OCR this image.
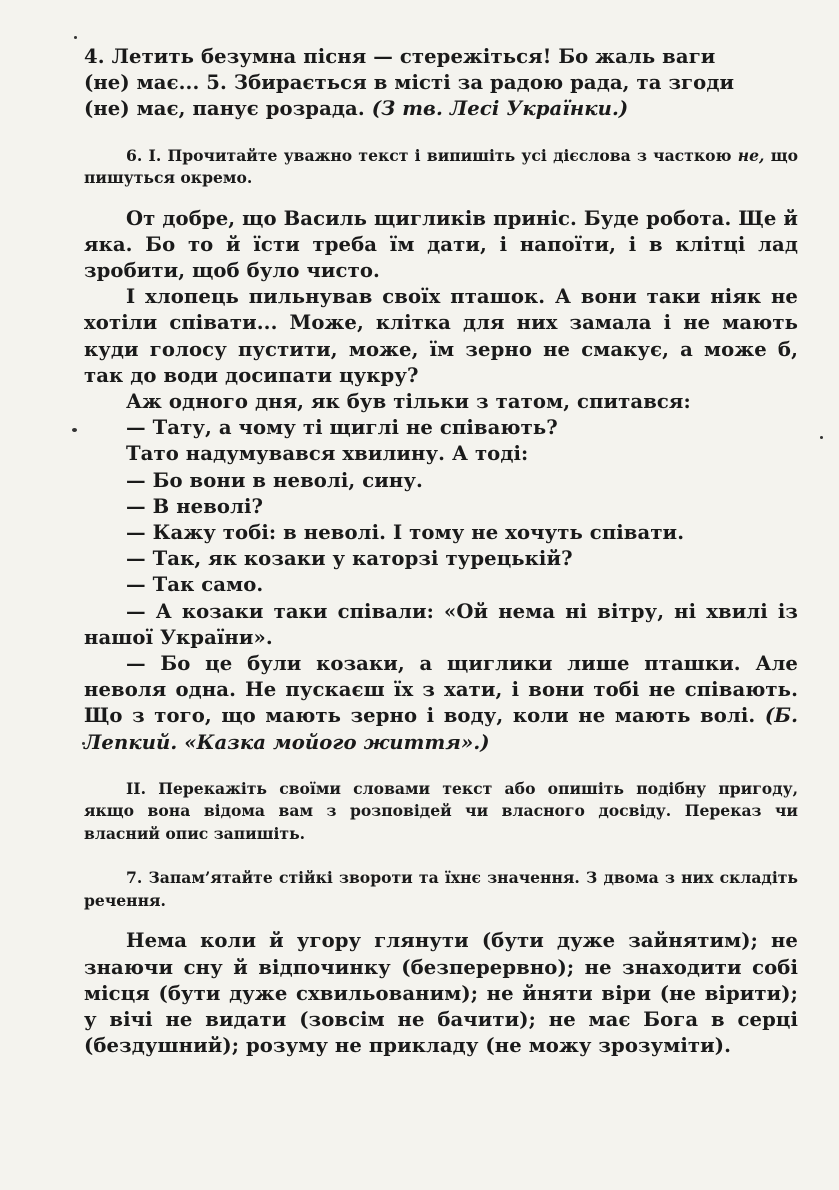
4. Летить безумна пісня — стережіться! Бо жаль ваги
(не) має... 5. Збирається в місті за радою рада, та згоди
(не) має, панує розрада. (З тв. Лесі Українки.)

6. І. Прочитайте уважно текст і випишіть усі дієслова з часткою не, що пишуться окремо.

От добре, що Василь щигликів приніс. Буде робота. Ще й яка. Бо то й їсти треба їм дати, і напоїти, і в клітці лад зробити, щоб було чисто.

І хлопець пильнував своїх пташок. А вони таки ніяк не хотіли співати... Може, клітка для них замала і не мають куди голосу пустити, може, їм зерно не смакує, а може б, так до води досипати цукру?

Аж одного дня, як був тільки з татом, спитався:

— Тату, а чому ті щиглі не співають?

Тато надумувався хвилину. А тоді:

— Бо вони в неволі, сину.

— В неволі?

— Кажу тобі: в неволі. І тому не хочуть співати.

— Так, як козаки у каторзі турецькій?

— Так само.

— А козаки таки співали: «Ой нема ні вітру, ні хвилі із нашої України».

— Бо це були козаки, а щиглики лише пташки. Але неволя одна. Не пускаєш їх з хати, і вони тобі не співають. Що з того, що мають зерно і воду, коли не мають волі. (Б. Лепкий. «Казка мойого життя».)

II. Перекажіть своїми словами текст або опишіть подібну пригоду, якщо вона відома вам з розповідей чи власного досвіду. Переказ чи власний опис запишіть.

7. Запам’ятайте стійкі звороти та їхнє значення. З двома з них складіть речення.

Нема коли й угору глянути (бути дуже зайнятим); не знаючи сну й відпочинку (безперервно); не знаходити собі місця (бути дуже схвильованим); не йняти віри (не вірити); у вічі не видати (зовсім не бачити); не має Бога в серці (бездушний); розуму не прикладу (не можу зрозуміти).
